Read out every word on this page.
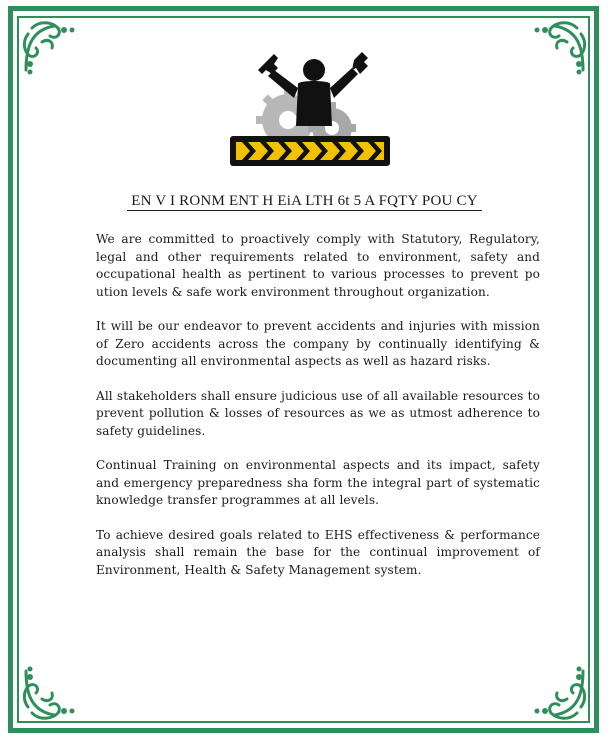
EN V I RONM ENT H EiA LTH 6t 5 A FQTY POU CY

We are committed to proactively comply with Statutory, Regulatory, legal and other requirements related to environment, safety and occupational health as pertinent to various processes to prevent po ution levels & safe work environment throughout organization.

It will be our endeavor to prevent accidents and injuries with mission of Zero accidents across the company by continually identifying & documenting all environmental aspects as well as hazard risks.

All stakeholders shall ensure judicious use of all available resources to prevent pollution & losses of resources as we as utmost adherence to safety guidelines.

Continual Training on environmental aspects and its impact, safety and emergency preparedness sha form the integral part of systematic knowledge transfer programmes at all levels.

To achieve desired goals related to EHS effectiveness & performance analysis shall remain the base for the continual improvement of Environment, Health & Safety Management system.
